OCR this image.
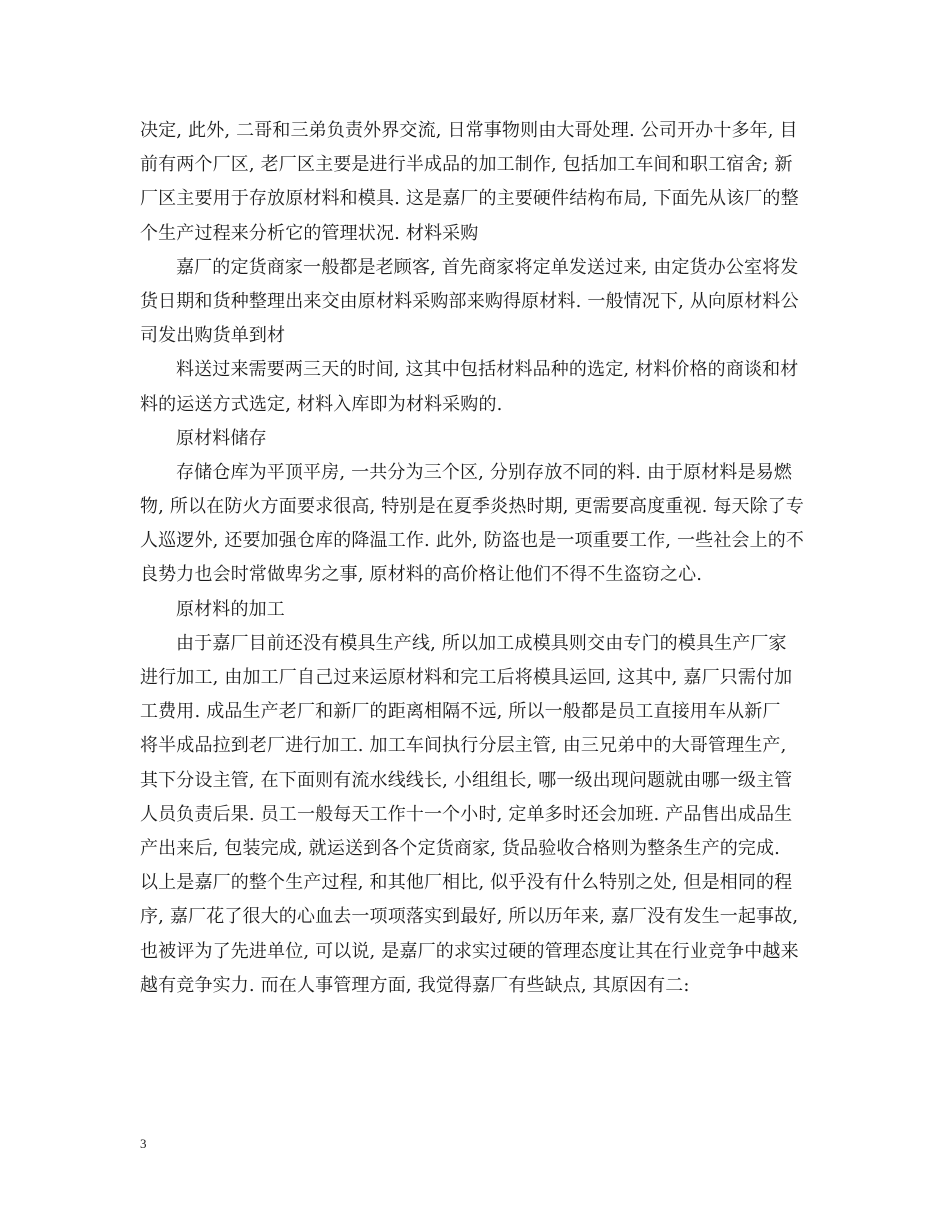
决定, 此外, 二哥和三弟负责外界交流, 日常事物则由大哥处理. 公司开办十多年, 目
前有两个厂区, 老厂区主要是进行半成品的加工制作, 包括加工车间和职工宿舍; 新
厂区主要用于存放原材料和模具. 这是嘉厂的主要硬件结构布局, 下面先从该厂的整
个生产过程来分析它的管理状况. 材料采购
嘉厂的定货商家一般都是老顾客, 首先商家将定单发送过来, 由定货办公室将发
货日期和货种整理出来交由原材料采购部来购得原材料. 一般情况下, 从向原材料公
司发出购货单到材
料送过来需要两三天的时间, 这其中包括材料品种的选定, 材料价格的商谈和材
料的运送方式选定, 材料入库即为材料采购的.
原材料储存
存储仓库为平顶平房, 一共分为三个区, 分别存放不同的料. 由于原材料是易燃
物, 所以在防火方面要求很高, 特别是在夏季炎热时期, 更需要高度重视. 每天除了专
人巡逻外, 还要加强仓库的降温工作. 此外, 防盗也是一项重要工作, 一些社会上的不
良势力也会时常做卑劣之事, 原材料的高价格让他们不得不生盗窃之心.
原材料的加工
由于嘉厂目前还没有模具生产线, 所以加工成模具则交由专门的模具生产厂家
进行加工, 由加工厂自己过来运原材料和完工后将模具运回, 这其中, 嘉厂只需付加
工费用. 成品生产老厂和新厂的距离相隔不远, 所以一般都是员工直接用车从新厂
将半成品拉到老厂进行加工. 加工车间执行分层主管, 由三兄弟中的大哥管理生产,
其下分设主管, 在下面则有流水线线长, 小组组长, 哪一级出现问题就由哪一级主管
人员负责后果. 员工一般每天工作十一个小时, 定单多时还会加班. 产品售出成品生
产出来后, 包装完成, 就运送到各个定货商家, 货品验收合格则为整条生产的完成.
以上是嘉厂的整个生产过程, 和其他厂相比, 似乎没有什么特别之处, 但是相同的程
序, 嘉厂花了很大的心血去一项项落实到最好, 所以历年来, 嘉厂没有发生一起事故,
也被评为了先进单位, 可以说, 是嘉厂的求实过硬的管理态度让其在行业竞争中越来
越有竞争实力. 而在人事管理方面, 我觉得嘉厂有些缺点, 其原因有二:
3
